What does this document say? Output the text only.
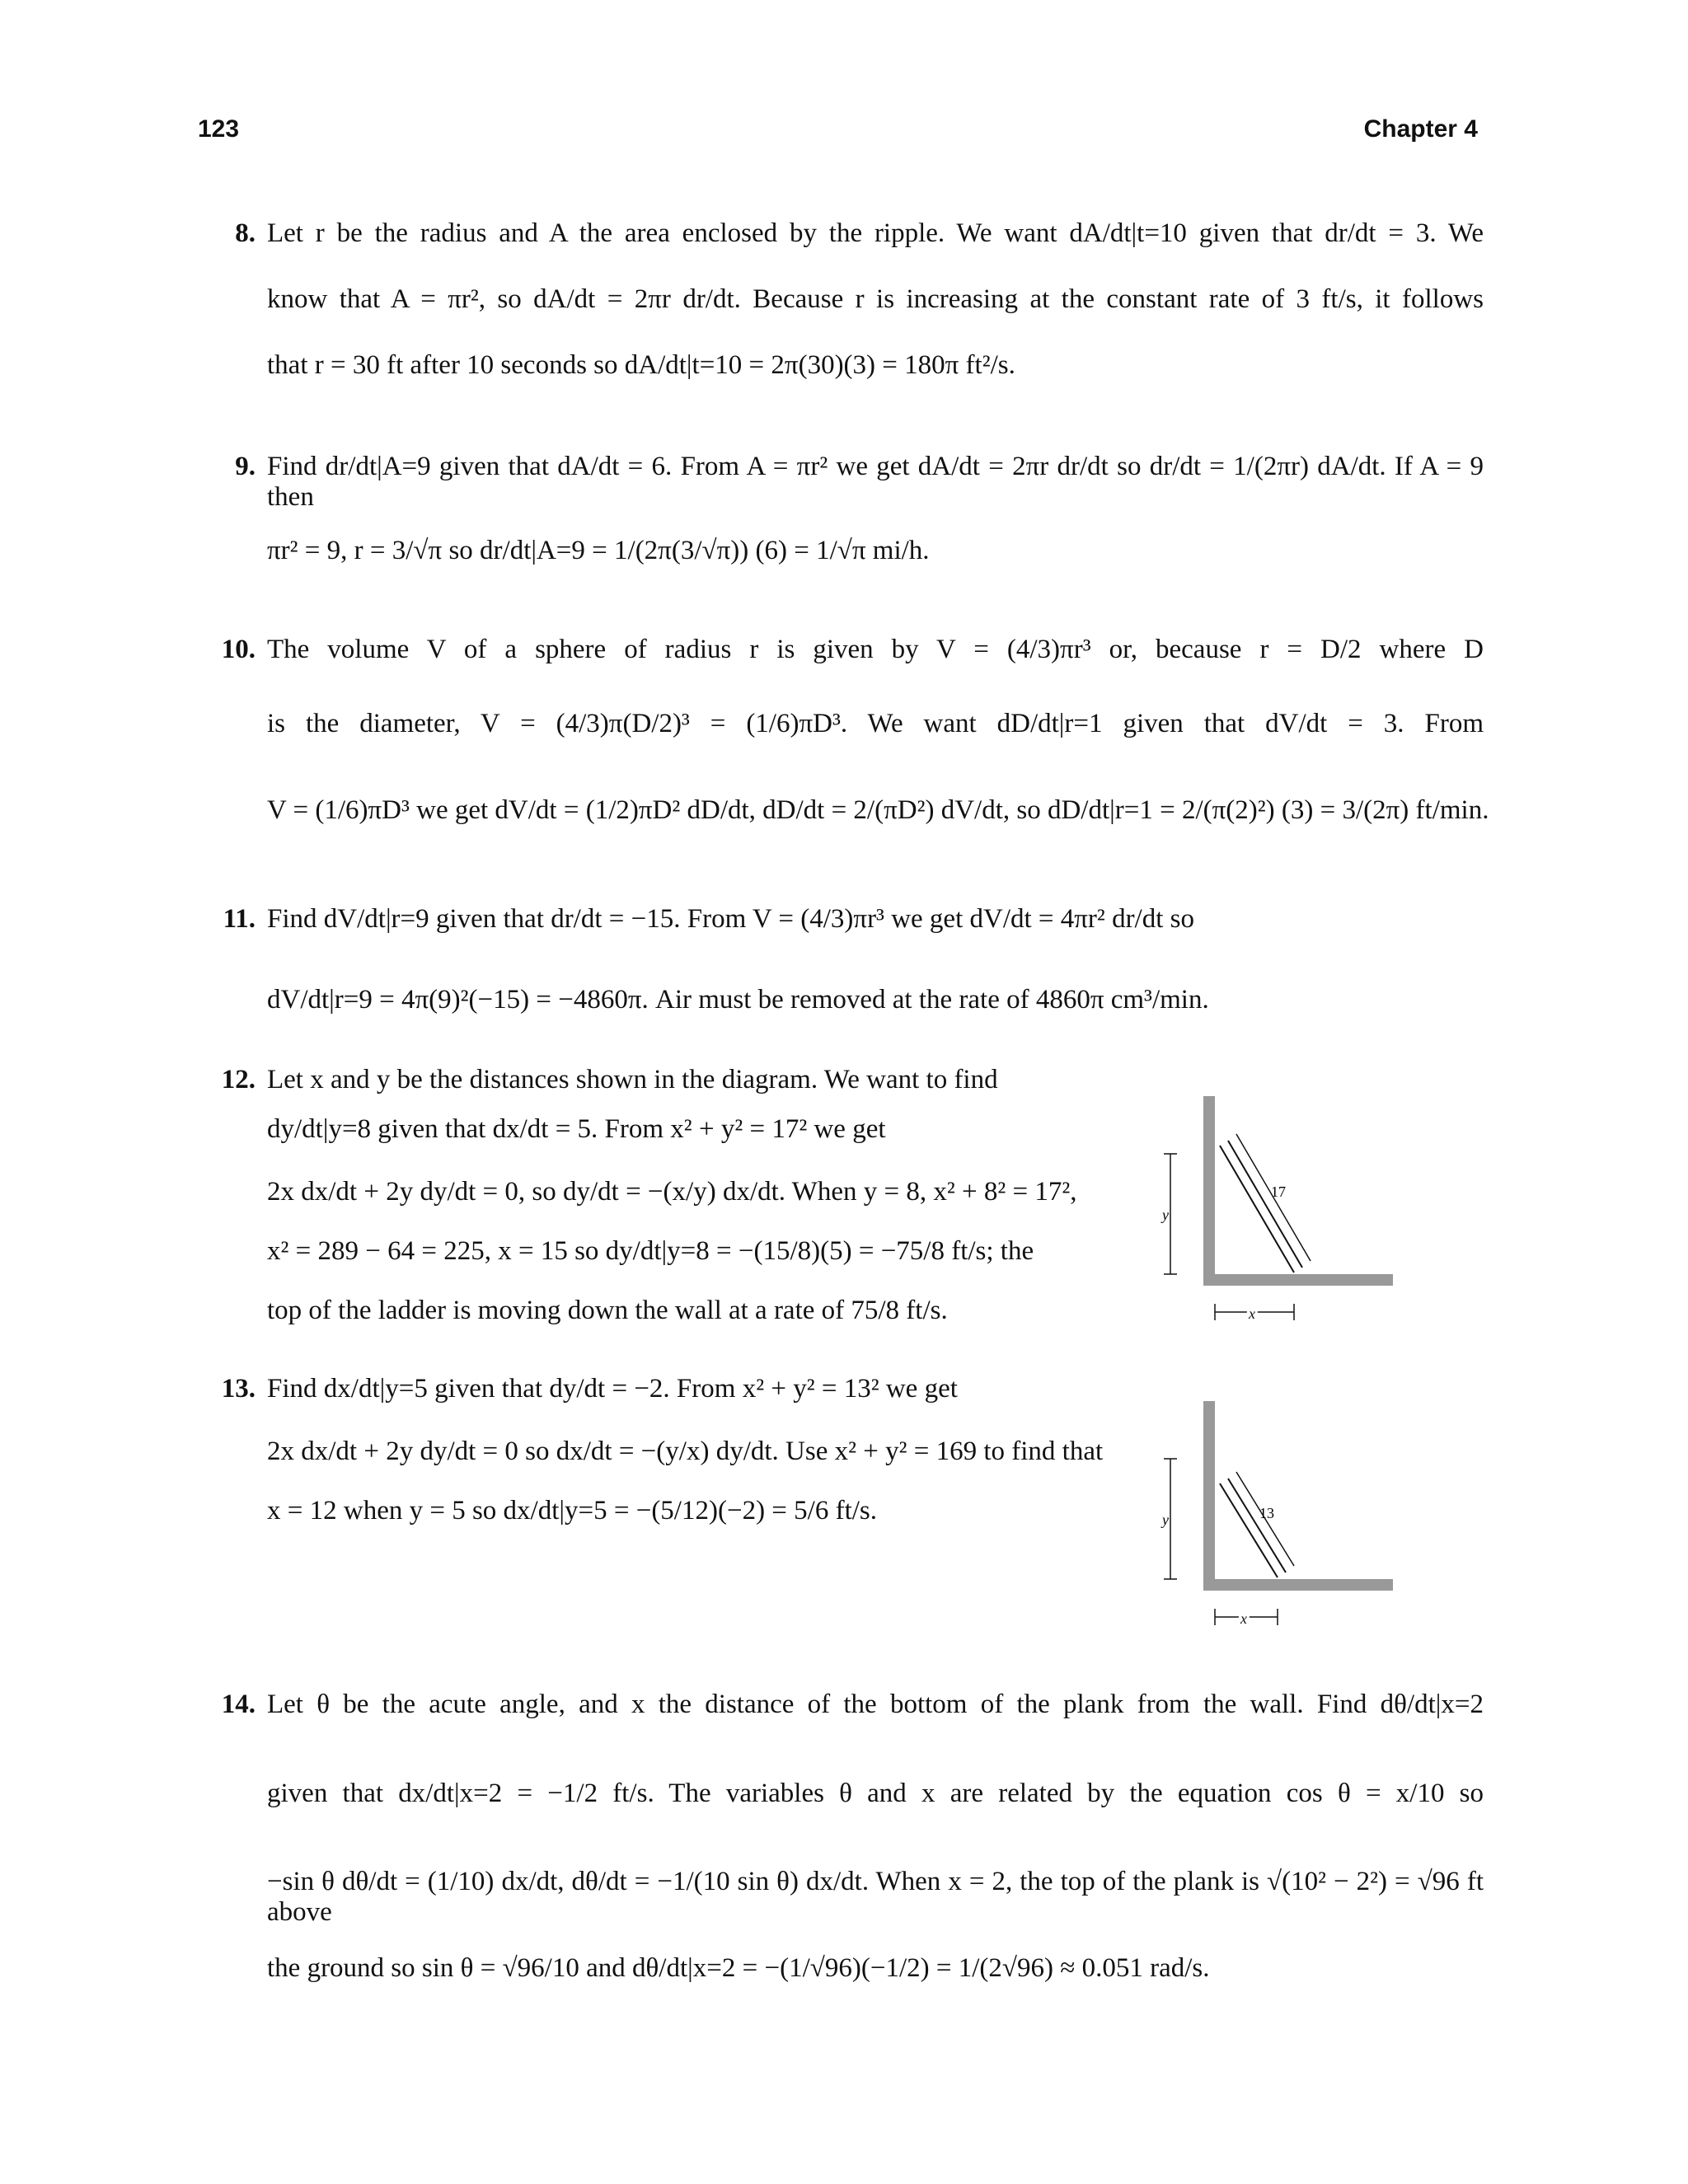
123	Chapter 4
8. Let r be the radius and A the area enclosed by the ripple. We want dA/dt|t=10 given that dr/dt = 3. We
know that A = πr², so dA/dt = 2πr dr/dt. Because r is increasing at the constant rate of 3 ft/s, it follows
that r = 30 ft after 10 seconds so dA/dt|t=10 = 2π(30)(3) = 180π ft²/s.
9. Find dr/dt|A=9 given that dA/dt = 6. From A = πr² we get dA/dt = 2πr dr/dt so dr/dt = 1/(2πr) dA/dt. If A = 9 then
πr² = 9, r = 3/√π so dr/dt|A=9 = 1/(2π(3/√π)) (6) = 1/√π mi/h.
10. The volume V of a sphere of radius r is given by V = (4/3)πr³ or, because r = D/2 where D
is the diameter, V = (4/3)π(D/2)³ = (1/6)πD³. We want dD/dt|r=1 given that dV/dt = 3. From
V = (1/6)πD³ we get dV/dt = (1/2)πD² dD/dt, dD/dt = 2/(πD²) dV/dt, so dD/dt|r=1 = 2/(π(2)²) (3) = 3/(2π) ft/min.
11. Find dV/dt|r=9 given that dr/dt = −15. From V = (4/3)πr³ we get dV/dt = 4πr² dr/dt so
dV/dt|r=9 = 4π(9)²(−15) = −4860π. Air must be removed at the rate of 4860π cm³/min.
12. Let x and y be the distances shown in the diagram. We want to find
dy/dt|y=8 given that dx/dt = 5. From x² + y² = 17² we get
2x dx/dt + 2y dy/dt = 0, so dy/dt = −(x/y) dx/dt. When y = 8, x² + 8² = 17²,
x² = 289 − 64 = 225, x = 15 so dy/dt|y=8 = −(15/8)(5) = −75/8 ft/s; the
top of the ladder is moving down the wall at a rate of 75/8 ft/s.
y
x
17
13. Find dx/dt|y=5 given that dy/dt = −2. From x² + y² = 13² we get
2x dx/dt + 2y dy/dt = 0 so dx/dt = −(y/x) dy/dt. Use x² + y² = 169 to find that
x = 12 when y = 5 so dx/dt|y=5 = −(5/12)(−2) = 5/6 ft/s.	y
x
13
14. Let θ be the acute angle, and x the distance of the bottom of the plank from the wall. Find dθ/dt|x=2
given that dx/dt|x=2 = −1/2 ft/s. The variables θ and x are related by the equation cos θ = x/10 so
−sin θ dθ/dt = (1/10) dx/dt, dθ/dt = −1/(10 sin θ) dx/dt. When x = 2, the top of the plank is √(10² − 2²) = √96 ft above
the ground so sin θ = √96/10 and dθ/dt|x=2 = −(1/√96)(−1/2) = 1/(2√96) ≈ 0.051 rad/s.
